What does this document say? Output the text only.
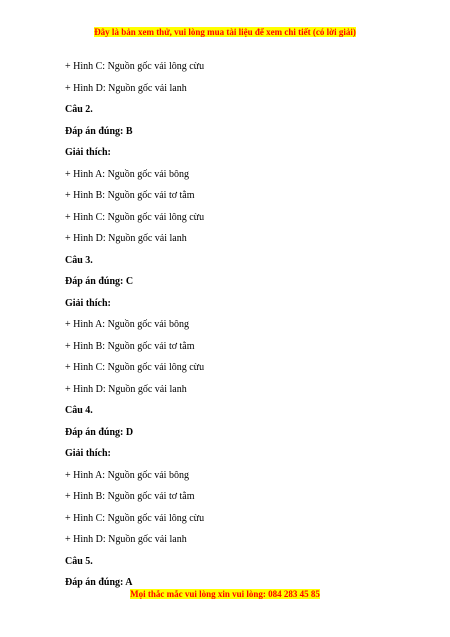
Đây là bản xem thử, vui lòng mua tài liệu để xem chi tiết (có lời giải)
+ Hình C: Nguồn gốc vải lông cừu
+ Hình D: Nguồn gốc vải lanh
Câu 2.
Đáp án đúng: B
Giải thích:
+ Hình A: Nguồn gốc vải bông
+ Hình B: Nguồn gốc vải tơ tằm
+ Hình C: Nguồn gốc vải lông cừu
+ Hình D: Nguồn gốc vải lanh
Câu 3.
Đáp án đúng: C
Giải thích:
+ Hình A: Nguồn gốc vải bông
+ Hình B: Nguồn gốc vải tơ tằm
+ Hình C: Nguồn gốc vải lông cừu
+ Hình D: Nguồn gốc vải lanh
Câu 4.
Đáp án đúng: D
Giải thích:
+ Hình A: Nguồn gốc vải bông
+ Hình B: Nguồn gốc vải tơ tằm
+ Hình C: Nguồn gốc vải lông cừu
+ Hình D: Nguồn gốc vải lanh
Câu 5.
Đáp án đúng: A
Mọi thắc mắc vui lòng xin vui lòng: 084 283 45 85
